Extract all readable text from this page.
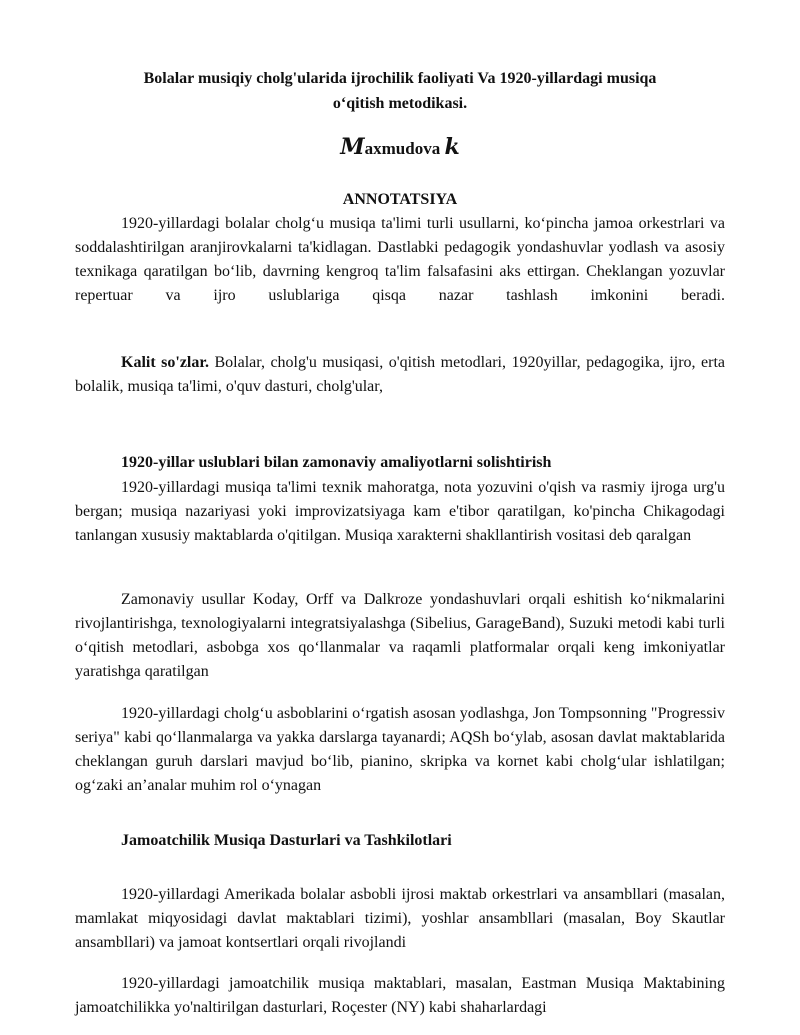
Bolalar musiqiy cholg'ularida ijrochilik faoliyati Va 1920-yillardagi musiqa
o‘qitish metodikasi.
Maxmudova k
ANNOTATSIYA

1920-yillardagi bolalar cholg‘u musiqa ta'limi turli usullarni, ko‘pincha jamoa orkestrlari va soddalashtirilgan aranjirovkalarni ta'kidlagan. Dastlabki pedagogik yondashuvlar yodlash va asosiy texnikaga qaratilgan bo‘lib, davrning kengroq ta'lim falsafasini aks ettirgan. Cheklangan yozuvlar repertuar va ijro uslublariga qisqa nazar tashlash imkonini beradi.

Kalit so'zlar. Bolalar, cholg'u musiqasi, o'qitish metodlari, 1920yillar, pedagogika, ijro, erta bolalik, musiqa ta'limi, o'quv dasturi, cholg'ular,

1920-yillar uslublari bilan zamonaviy amaliyotlarni solishtirish

1920-yillardagi musiqa ta'limi texnik mahoratga, nota yozuvini o'qish va rasmiy ijroga urg'u bergan; musiqa nazariyasi yoki improvizatsiyaga kam e'tibor qaratilgan, ko'pincha Chikagodagi tanlangan xususiy maktablarda o'qitilgan. Musiqa xarakterni shakllantirish vositasi deb qaralgan

Zamonaviy usullar Koday, Orff va Dalkroze yondashuvlari orqali eshitish ko‘nikmalarini rivojlantirishga, texnologiyalarni integratsiyalashga (Sibelius, GarageBand), Suzuki metodi kabi turli o‘qitish metodlari, asbobga xos qo‘llanmalar va raqamli platformalar orqali keng imkoniyatlar yaratishga qaratilgan

1920-yillardagi cholg‘u asboblarini o‘rgatish asosan yodlashga, Jon Tompsonning "Progressiv seriya" kabi qo‘llanmalarga va yakka darslarga tayanardi; AQSh bo‘ylab, asosan davlat maktablarida cheklangan guruh darslari mavjud bo‘lib, pianino, skripka va kornet kabi cholg‘ular ishlatilgan; og‘zaki an’analar muhim rol o‘ynagan

Jamoatchilik Musiqa Dasturlari va Tashkilotlari

1920-yillardagi Amerikada bolalar asbobli ijrosi maktab orkestrlari va ansambllari (masalan, mamlakat miqyosidagi davlat maktablari tizimi), yoshlar ansambllari (masalan, Boy Skautlar ansambllari) va jamoat kontsertlari orqali rivojlandi

1920-yillardagi jamoatchilik musiqa maktablari, masalan, Eastman Musiqa Maktabining jamoatchilikka yo'naltirilgan dasturlari, Roçester (NY) kabi shaharlardagi
